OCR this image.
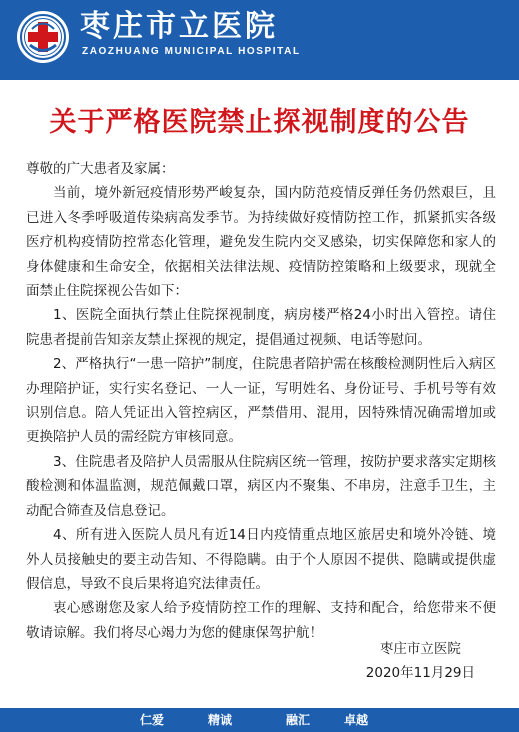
枣庄市立医院
ZAOZHUANG MUNICIPAL HOSPITAL
关于严格医院禁止探视制度的公告

尊敬的广大患者及家属：

当前，境外新冠疫情形势严峻复杂，国内防范疫情反弹任务仍然艰巨，且已进入冬季呼吸道传染病高发季节。为持续做好疫情防控工作，抓紧抓实各级医疗机构疫情防控常态化管理，避免发生院内交叉感染，切实保障您和家人的身体健康和生命安全，依据相关法律法规、疫情防控策略和上级要求，现就全面禁止住院探视公告如下：

1、医院全面执行禁止住院探视制度，病房楼严格24小时出入管控。请住院患者提前告知亲友禁止探视的规定，提倡通过视频、电话等慰问。

2、严格执行“一患一陪护”制度，住院患者陪护需在核酸检测阴性后入病区办理陪护证，实行实名登记、一人一证，写明姓名、身份证号、手机号等有效识别信息。陪人凭证出入管控病区，严禁借用、混用，因特殊情况确需增加或更换陪护人员的需经院方审核同意。

3、住院患者及陪护人员需服从住院病区统一管理，按防护要求落实定期核酸检测和体温监测，规范佩戴口罩，病区内不聚集、不串房，注意手卫生，主动配合筛查及信息登记。

4、所有进入医院人员凡有近14日内疫情重点地区旅居史和境外冷链、境外人员接触史的要主动告知、不得隐瞒。由于个人原因不提供、隐瞒或提供虚假信息，导致不良后果将追究法律责任。

衷心感谢您及家人给予疫情防控工作的理解、支持和配合，给您带来不便敬请谅解。我们将尽心竭力为您的健康保驾护航！

枣庄市立医院
2020年11月29日
仁爱	精诚	融汇	卓越
